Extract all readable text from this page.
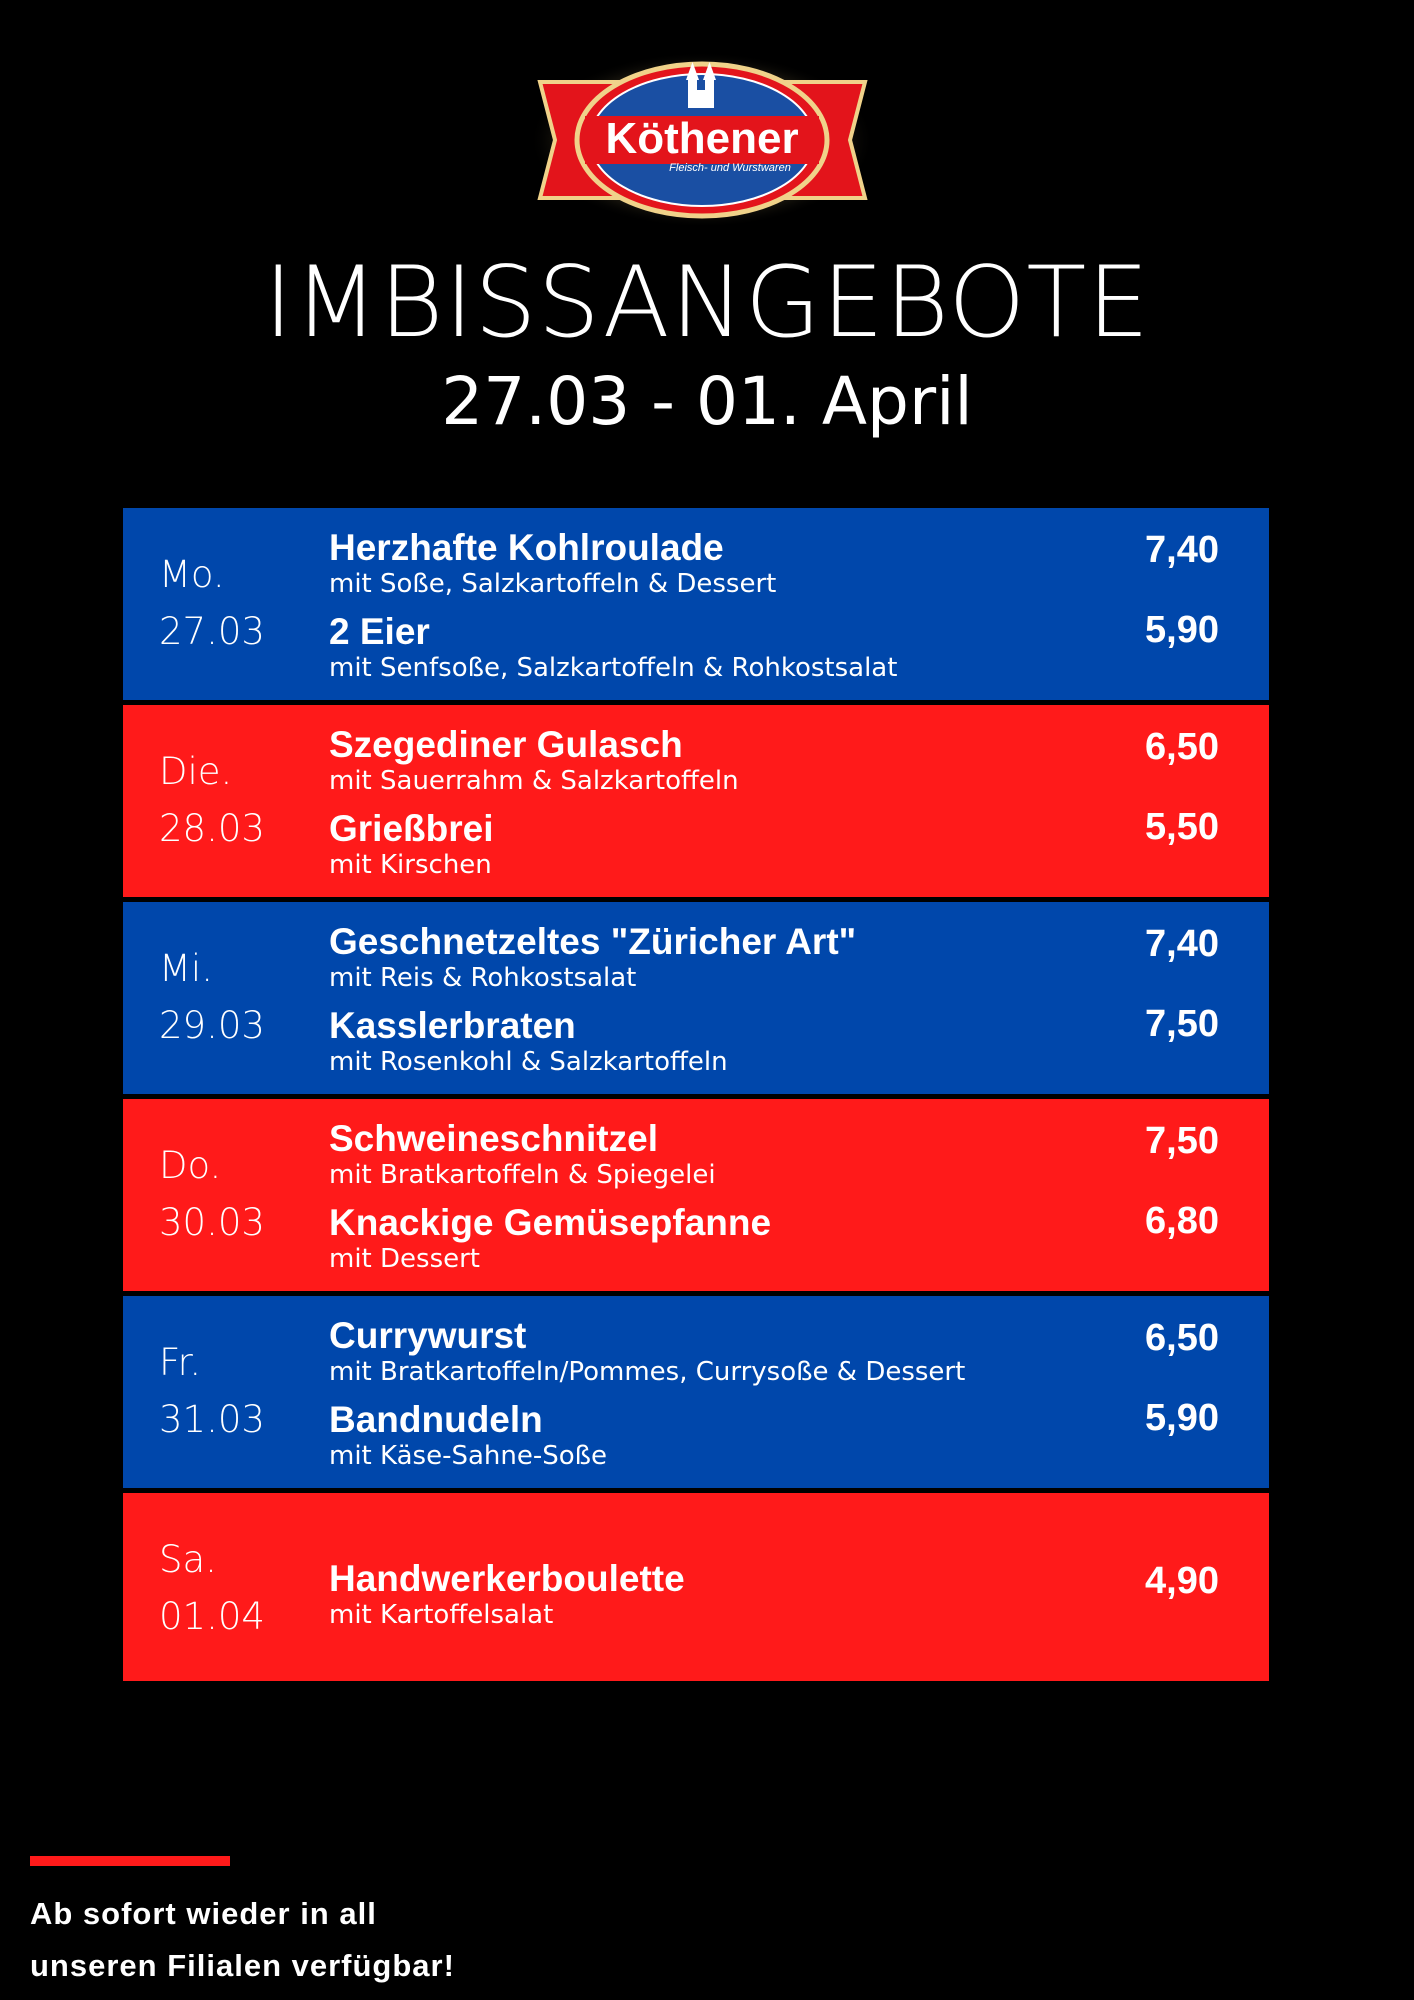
Köthener
Fleisch- und Wurstwaren
IMBISSANGEBOTE
27.03 - 01. April
Mo.
27.03
Herzhafte Kohlroulade
mit Soße, Salzkartoffeln & Dessert
7,40
2 Eier
mit Senfsoße, Salzkartoffeln & Rohkostsalat
5,90
Die.
28.03
Szegediner Gulasch
mit Sauerrahm & Salzkartoffeln
6,50
Grießbrei
mit Kirschen
5,50
Mi.
29.03
Geschnetzeltes "Züricher Art"
mit Reis & Rohkostsalat
7,40
Kasslerbraten
mit Rosenkohl & Salzkartoffeln
7,50
Do.
30.03
Schweineschnitzel
mit Bratkartoffeln & Spiegelei
7,50
Knackige Gemüsepfanne
mit Dessert
6,80
Fr.
31.03
Currywurst
mit Bratkartoffeln/Pommes, Currysoße & Dessert
6,50
Bandnudeln
mit Käse-Sahne-Soße
5,90
Sa.
01.04
Handwerkerboulette
mit Kartoffelsalat
4,90
Ab sofort wieder in all
unseren Filialen verfügbar!
